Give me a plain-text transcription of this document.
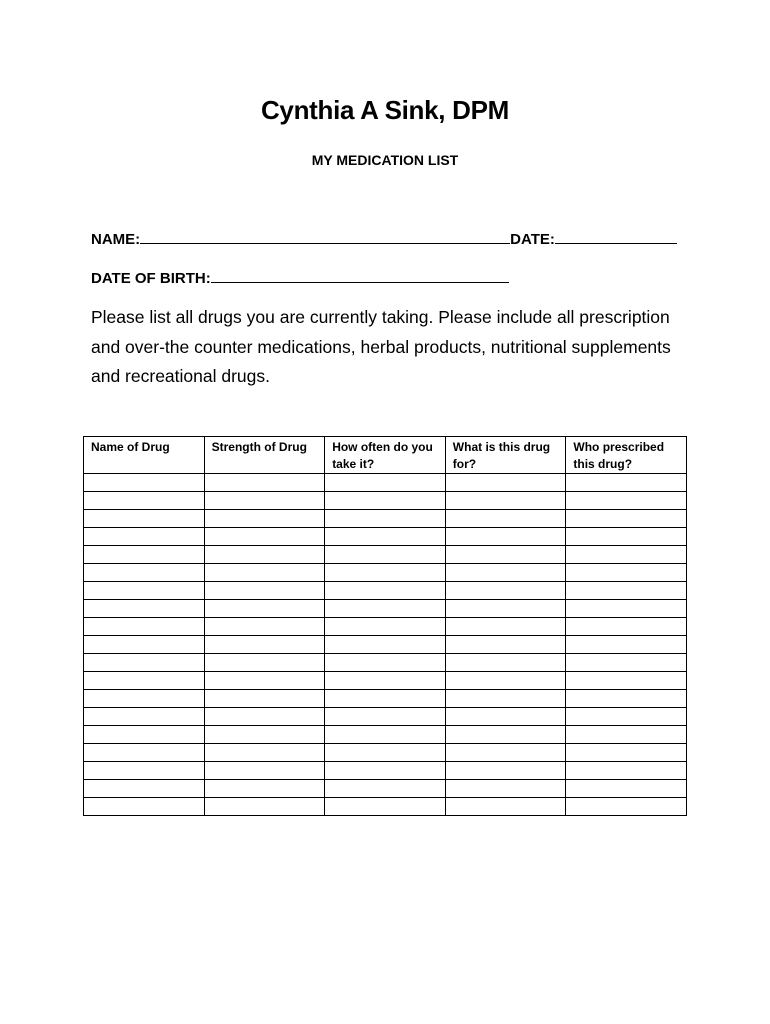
Cynthia A Sink, DPM
MY MEDICATION LIST
NAME:	DATE:
DATE OF BIRTH:
Please list all drugs you are currently taking. Please include all prescription and over-the counter medications, herbal products, nutritional supplements and recreational drugs.
Name of Drug	Strength of Drug	How often do you take it?	What is this drug for?	Who prescribed this drug?
